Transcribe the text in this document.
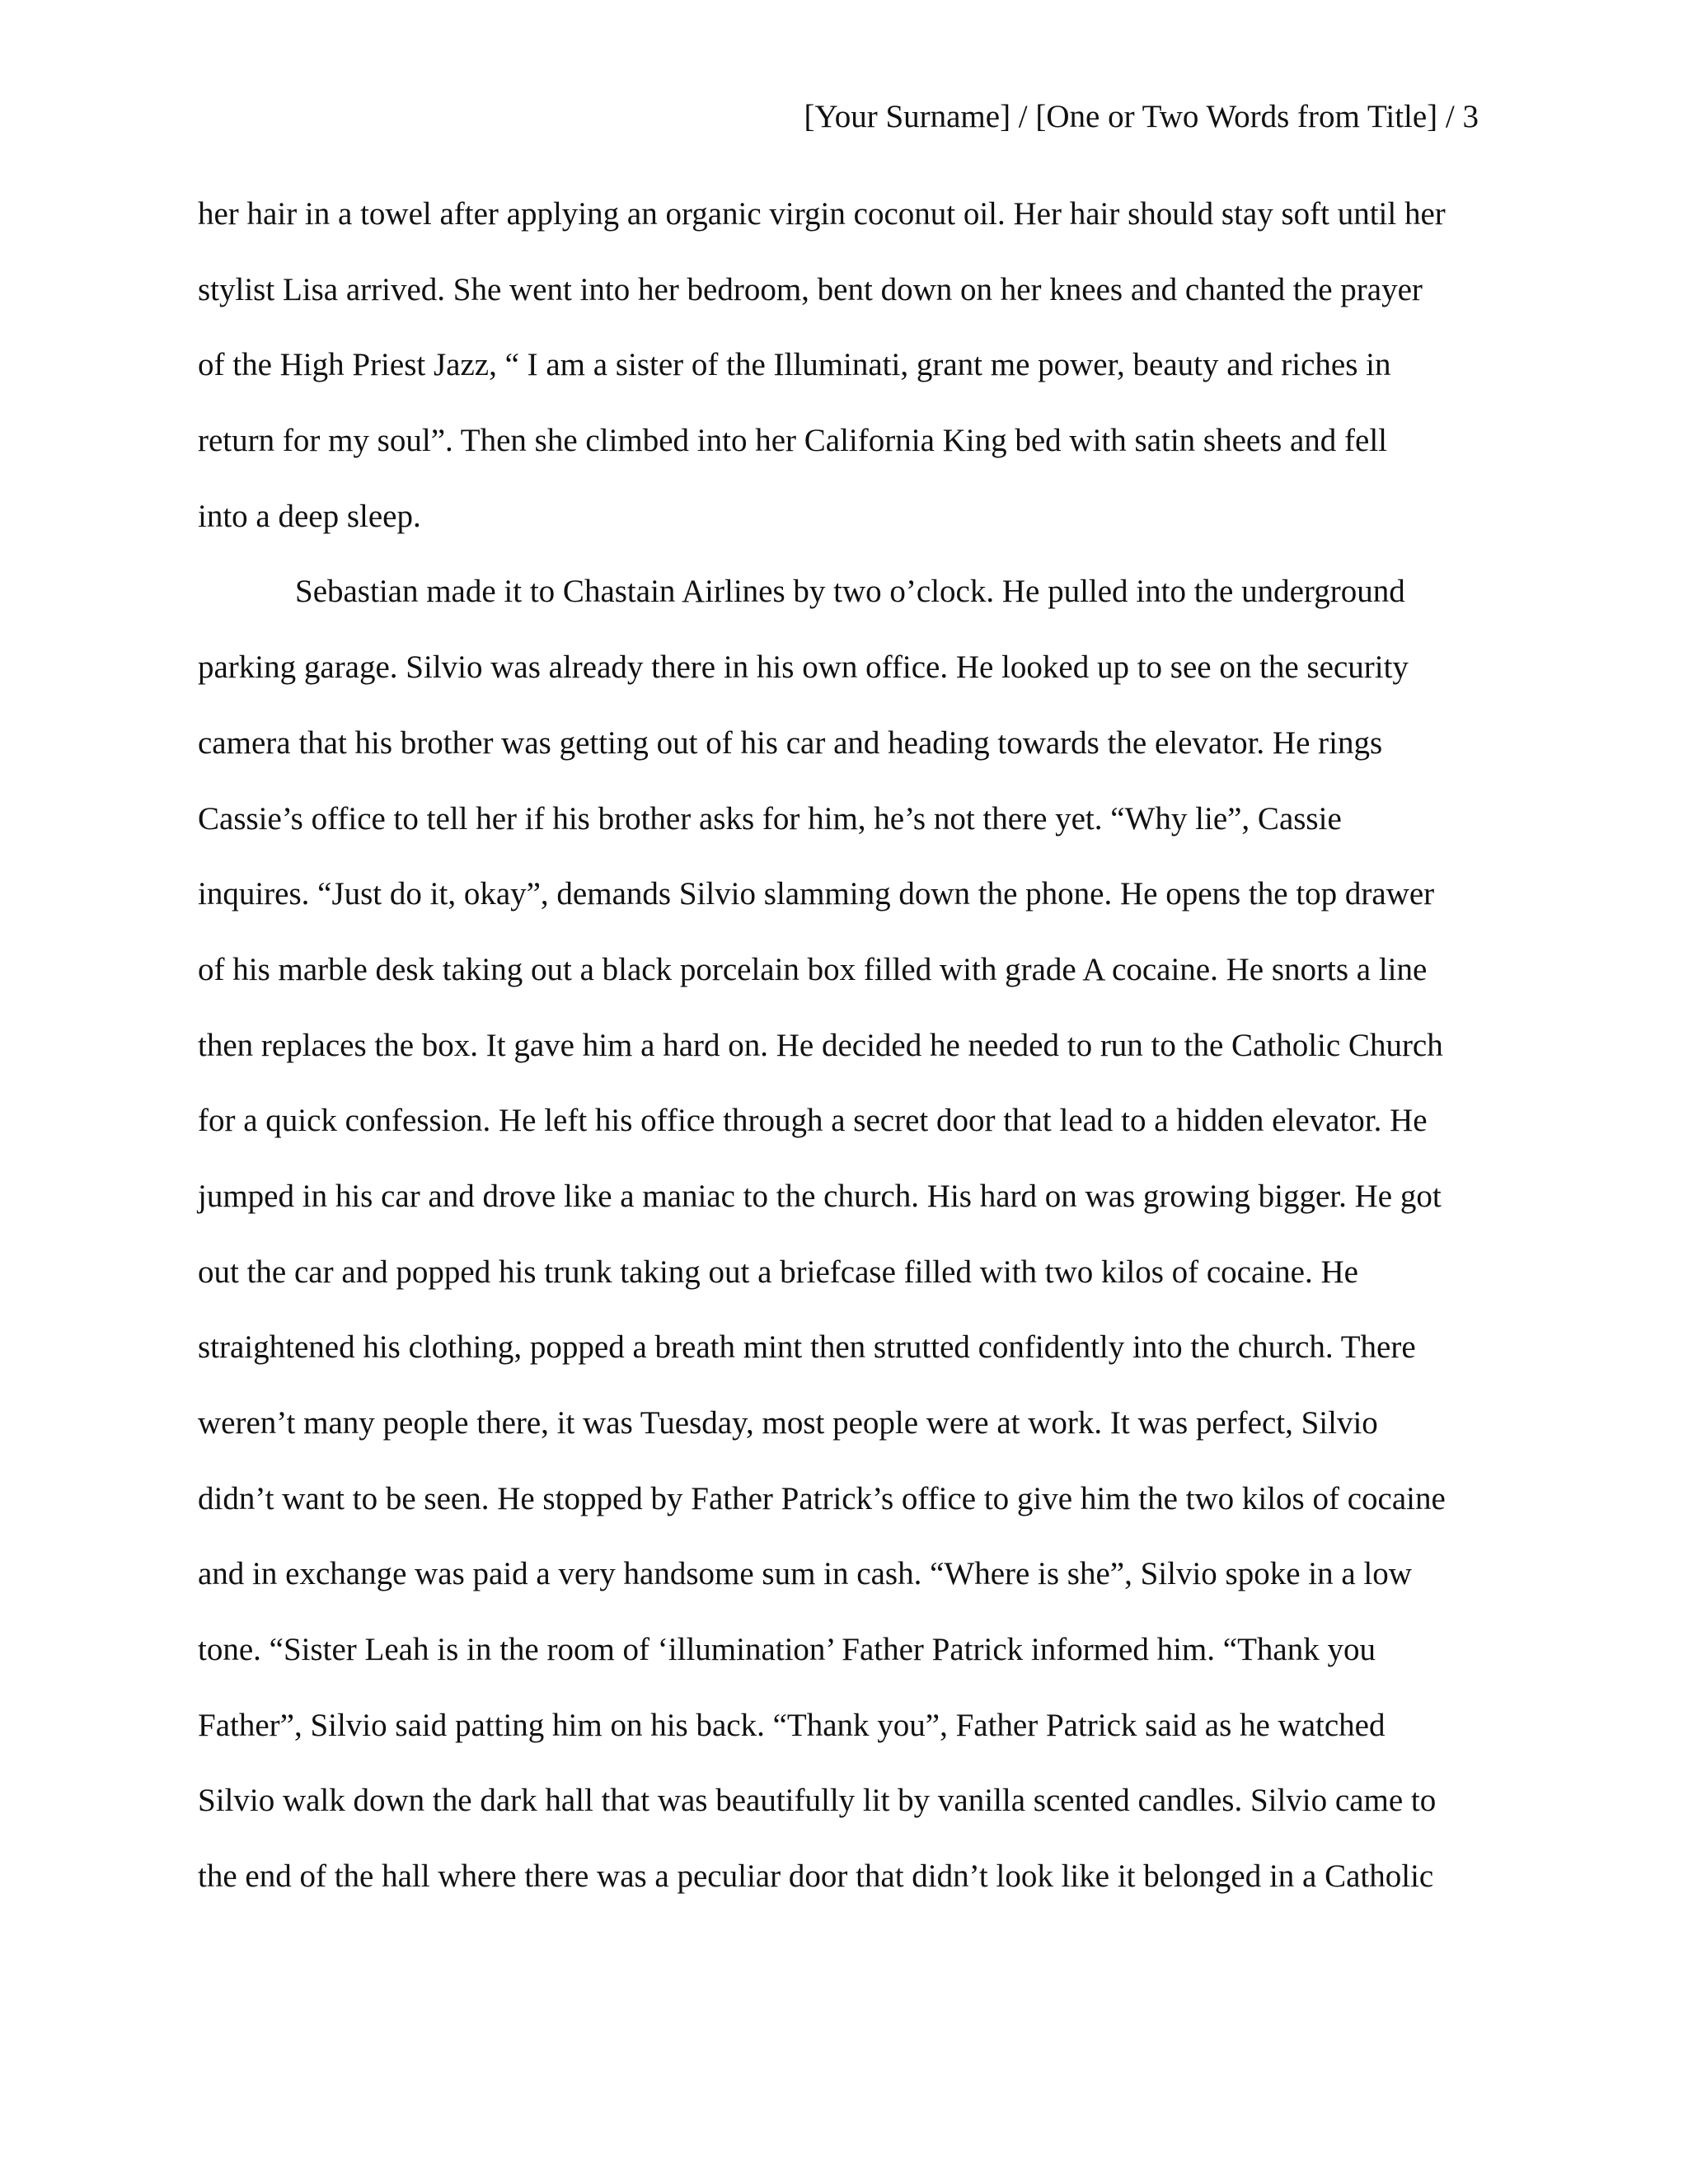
[Your Surname] / [One or Two Words from Title] / 3
her hair in a towel after applying an organic virgin coconut oil. Her hair should stay soft until her
stylist Lisa arrived. She went into her bedroom, bent down on her knees and chanted the prayer
of the High Priest Jazz, “ I am a sister of the Illuminati, grant me power, beauty and riches in
return for my soul”. Then she climbed into her California King bed with satin sheets and fell
into a deep sleep.
Sebastian made it to Chastain Airlines by two o’clock. He pulled into the underground
parking garage. Silvio was already there in his own office. He looked up to see on the security
camera that his brother was getting out of his car and heading towards the elevator. He rings
Cassie’s office to tell her if his brother asks for him, he’s not there yet. “Why lie”, Cassie
inquires. “Just do it, okay”, demands Silvio slamming down the phone. He opens the top drawer
of his marble desk taking out a black porcelain box filled with grade A cocaine. He snorts a line
then replaces the box. It gave him a hard on. He decided he needed to run to the Catholic Church
for a quick confession. He left his office through a secret door that lead to a hidden elevator. He
jumped in his car and drove like a maniac to the church. His hard on was growing bigger. He got
out the car and popped his trunk taking out a briefcase filled with two kilos of cocaine. He
straightened his clothing, popped a breath mint then strutted confidently into the church. There
weren’t many people there, it was Tuesday, most people were at work. It was perfect, Silvio
didn’t want to be seen. He stopped by Father Patrick’s office to give him the two kilos of cocaine
and in exchange was paid a very handsome sum in cash. “Where is she”, Silvio spoke in a low
tone. “Sister Leah is in the room of ‘illumination’ Father Patrick informed him. “Thank you
Father”, Silvio said patting him on his back. “Thank you”, Father Patrick said as he watched
Silvio walk down the dark hall that was beautifully lit by vanilla scented candles. Silvio came to
the end of the hall where there was a peculiar door that didn’t look like it belonged in a Catholic
